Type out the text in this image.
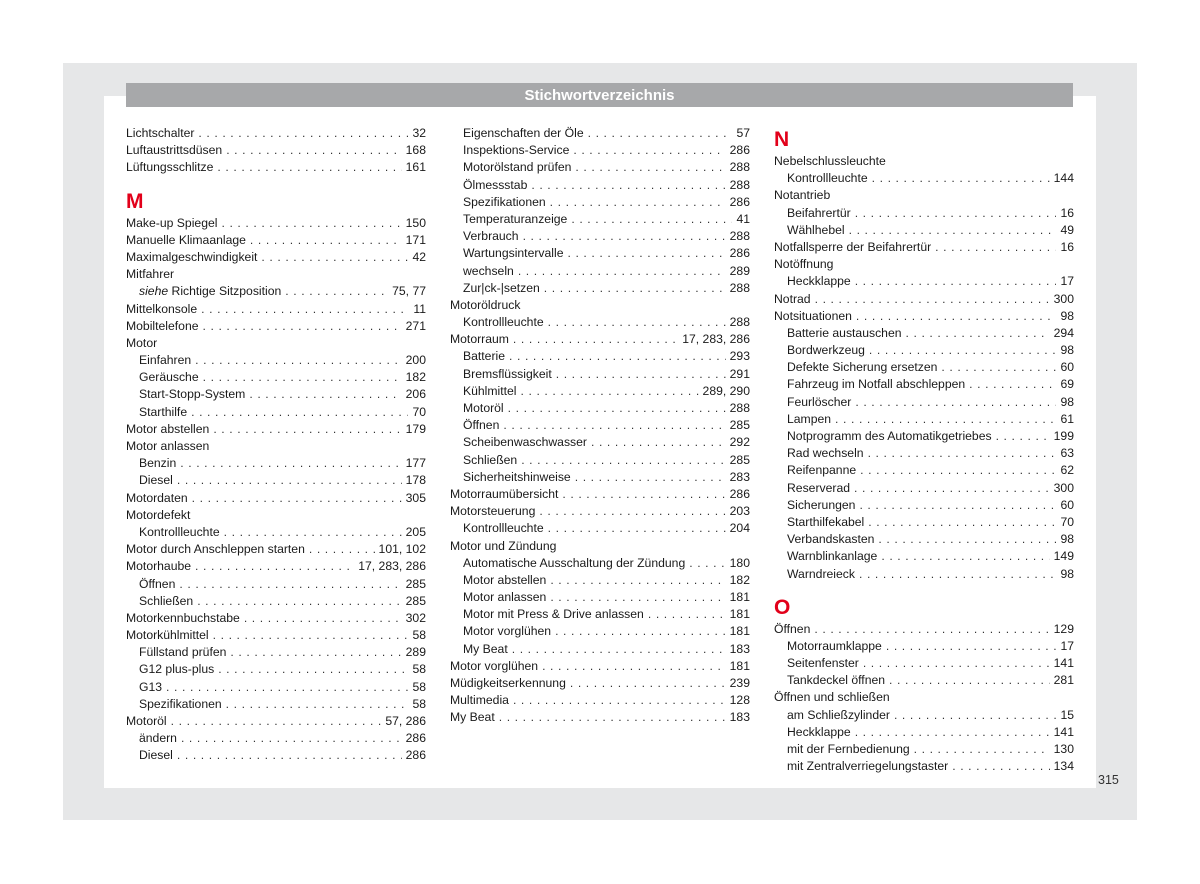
Stichwortverzeichnis
Lichtschalter . . .	32
Luftaustrittsdüsen . . .	168
Lüftungsschlitze . . .	161
M
Make-up Spiegel . . .	150
Manuelle Klimaanlage . . .	171
Maximalgeschwindigkeit . . .	42
Mitfahrer
siehe Richtige Sitzposition . . .	75, 77
Mittelkonsole . . .	11
Mobiltelefone . . .	271
Motor
Einfahren . . .	200
Geräusche . . .	182
Start-Stopp-System . . .	206
Starthilfe . . .	70
Motor abstellen . . .	179
Motor anlassen
Benzin . . .	177
Diesel . . .	178
Motordaten . . .	305
Motordefekt
Kontrollleuchte . . .	205
Motor durch Anschleppen starten . . .	101, 102
Motorhaube . . .	17, 283, 286
Öffnen . . .	285
Schließen . . .	285
Motorkennbuchstabe . . .	302
Motorkühlmittel . . .	58
Füllstand prüfen . . .	289
G12 plus-plus . . .	58
G13 . . .	58
Spezifikationen . . .	58
Motoröl . . .	57, 286
ändern . . .	286
Diesel . . .	286
Eigenschaften der Öle . . .	57
Inspektions-Service . . .	286
Motorölstand prüfen . . .	288
Ölmessstab . . .	288
Spezifikationen . . .	286
Temperaturanzeige . . .	41
Verbrauch . . .	288
Wartungsintervalle . . .	286
wechseln . . .	289
Zur|ck-|setzen . . .	288
Motoröldruck
Kontrollleuchte . . .	288
Motorraum . . .	17, 283, 286
Batterie . . .	293
Bremsflüssigkeit . . .	291
Kühlmittel . . .	289, 290
Motoröl . . .	288
Öffnen . . .	285
Scheibenwaschwasser . . .	292
Schließen . . .	285
Sicherheitshinweise . . .	283
Motorraumübersicht . . .	286
Motorsteuerung . . .	203
Kontrollleuchte . . .	204
Motor und Zündung
Automatische Ausschaltung der Zündung . . .	180
Motor abstellen . . .	182
Motor anlassen . . .	181
Motor mit Press & Drive anlassen . . .	181
Motor vorglühen . . .	181
My Beat . . .	183
Motor vorglühen . . .	181
Müdigkeitserkennung . . .	239
Multimedia . . .	128
My Beat . . .	183
N
Nebelschlussleuchte
Kontrollleuchte . . .	144
Notantrieb
Beifahrertür . . .	16
Wählhebel . . .	49
Notfallsperre der Beifahrertür . . .	16
Notöffnung
Heckklappe . . .	17
Notrad . . .	300
Notsituationen . . .	98
Batterie austauschen . . .	294
Bordwerkzeug . . .	98
Defekte Sicherung ersetzen . . .	60
Fahrzeug im Notfall abschleppen . . .	69
Feurlöscher . . .	98
Lampen . . .	61
Notprogramm des Automatikgetriebes . . .	199
Rad wechseln . . .	63
Reifenpanne . . .	62
Reserverad . . .	300
Sicherungen . . .	60
Starthilfekabel . . .	70
Verbandskasten . . .	98
Warnblinkanlage . . .	149
Warndreieck . . .	98
O
Öffnen . . .	129
Motorraumklappe . . .	17
Seitenfenster . . .	141
Tankdeckel öffnen . . .	281
Öffnen und schließen
am Schließzylinder . . .	15
Heckklappe . . .	141
mit der Fernbedienung . . .	130
mit Zentralverriegelungstaster . . .	134
315
